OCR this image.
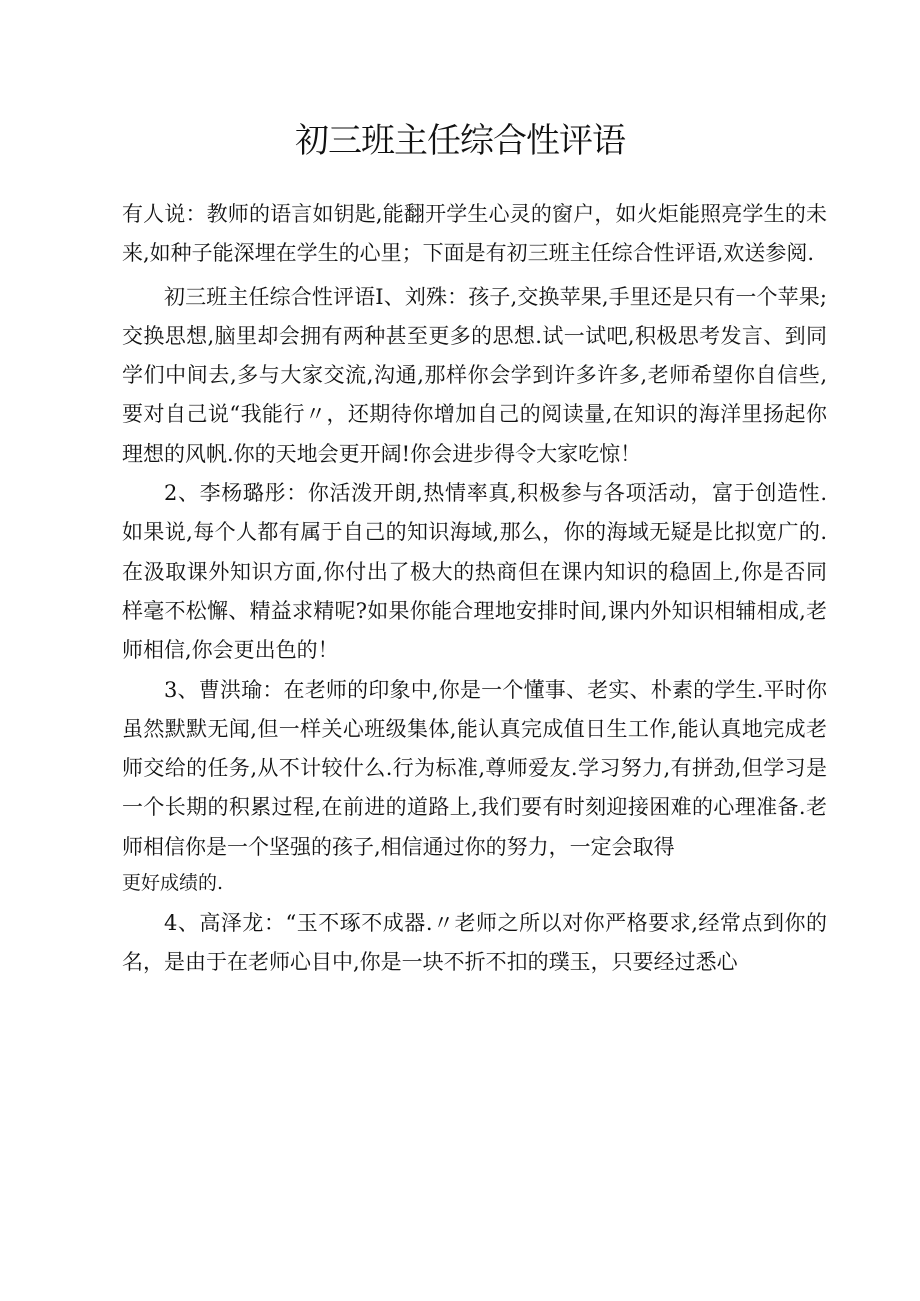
初三班主任综合性评语

有人说：教师的语言如钥匙,能翻开学生心灵的窗户，如火炬能照亮学生的未来,如种子能深埋在学生的心里；下面是有初三班主任综合性评语,欢送参阅.

初三班主任综合性评语I、刘殊：孩子,交换苹果,手里还是只有一个苹果;交换思想,脑里却会拥有两种甚至更多的思想.试一试吧,积极思考发言、到同学们中间去,多与大家交流,沟通,那样你会学到许多许多,老师希望你自信些,要对自己说“我能行〃，还期待你增加自己的阅读量,在知识的海洋里扬起你理想的风帆.你的天地会更开阔!你会进步得令大家吃惊！

2、李杨璐彤：你活泼开朗,热情率真,积极参与各项活动，富于创造性.如果说,每个人都有属于自己的知识海域,那么，你的海域无疑是比拟宽广的.在汲取课外知识方面,你付出了极大的热商但在课内知识的稳固上,你是否同样毫不松懈、精益求精呢?如果你能合理地安排时间,课内外知识相辅相成,老师相信,你会更出色的！

3、曹洪瑜：在老师的印象中,你是一个懂事、老实、朴素的学生.平时你虽然默默无闻,但一样关心班级集体,能认真完成值日生工作,能认真地完成老师交给的任务,从不计较什么.行为标准,尊师爱友.学习努力,有拼劲,但学习是一个长期的积累过程,在前进的道路上,我们要有时刻迎接困难的心理准备.老师相信你是一个坚强的孩子,相信通过你的努力，一定会取得

更好成绩的.

4、高泽龙：“玉不琢不成器.〃老师之所以对你严格要求,经常点到你的名，是由于在老师心目中,你是一块不折不扣的璞玉，只要经过悉心
